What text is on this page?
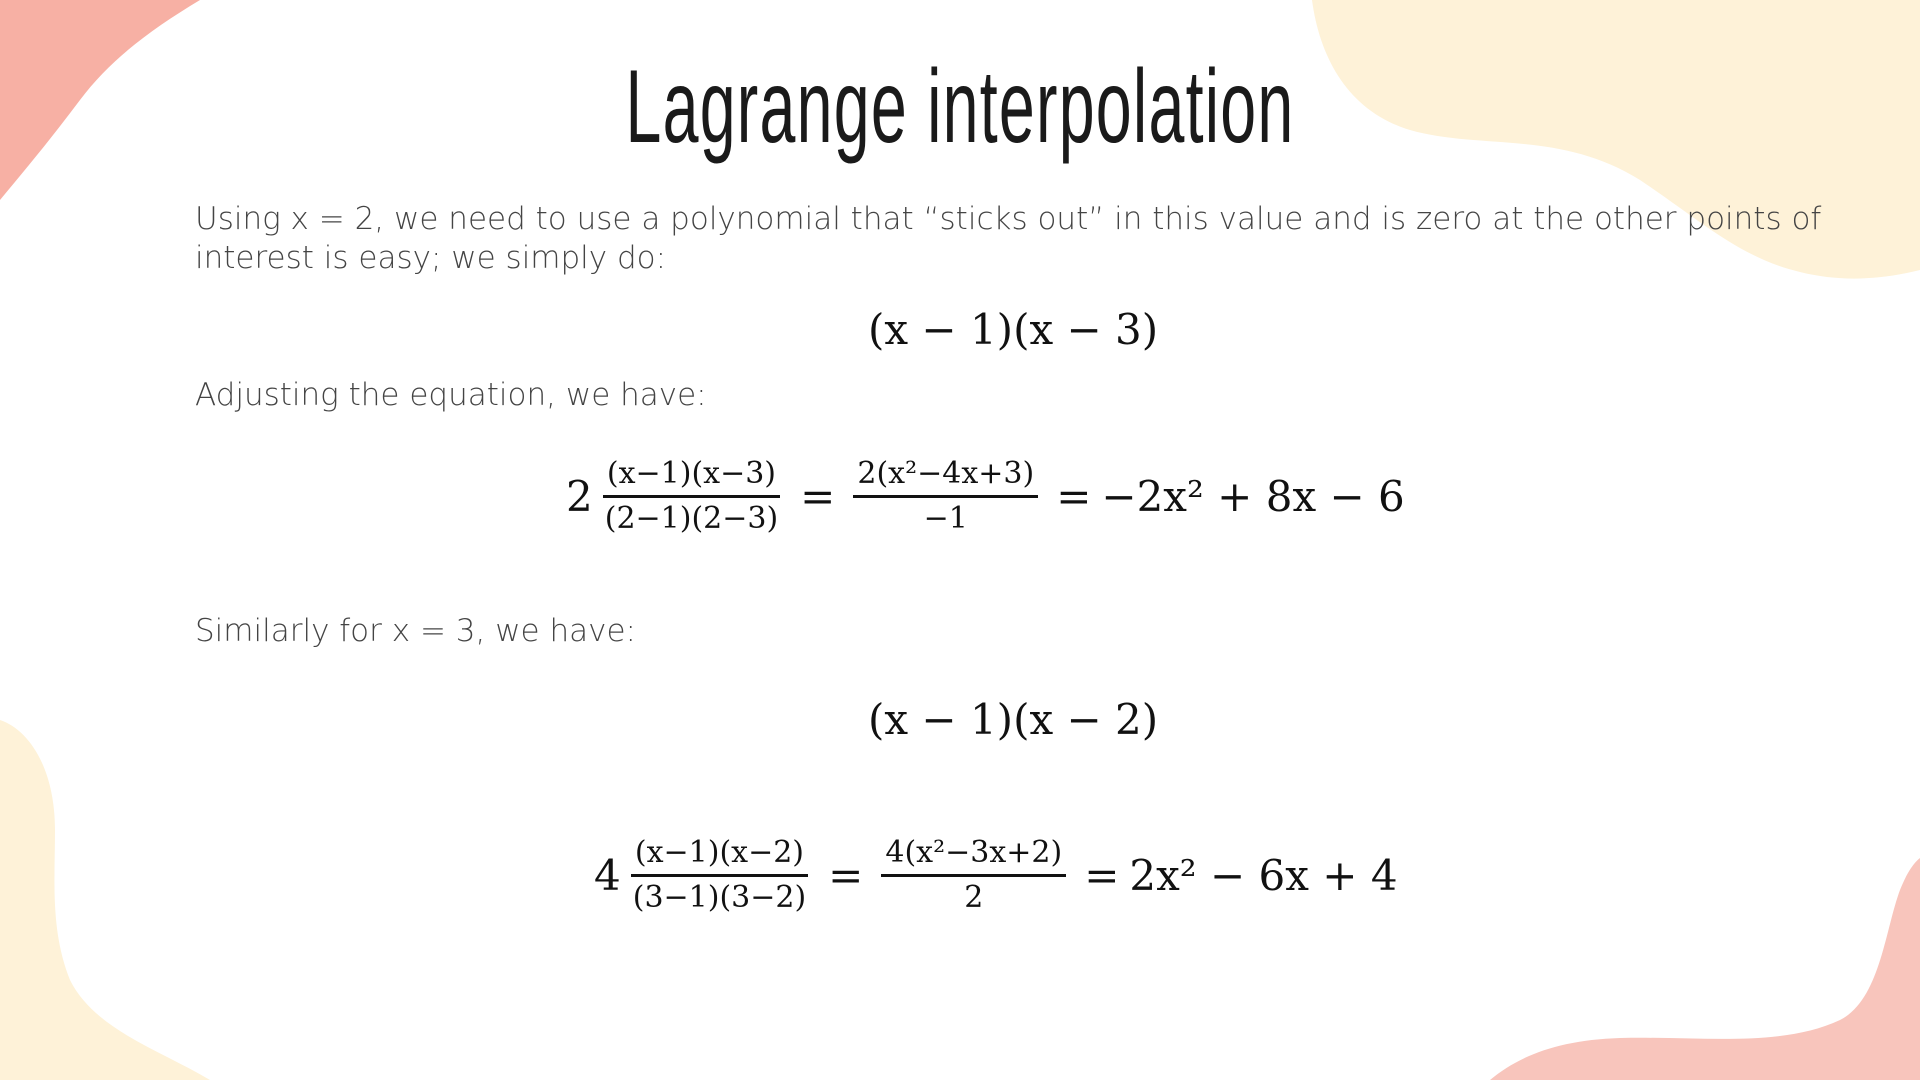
Lagrange interpolation
Using x = 2, we need to use a polynomial that “sticks out” in this value and is zero at the other points of
interest is easy; we simply do:
(x − 1)(x − 3)
Adjusting the equation, we have:
$2 \frac{(x-1)(x-3)}{(2-1)(2-3)} = \frac{\text{2(x²−4x+3)}}{-1} = -2x^2 + 8x - 6$
Similarly for x = 3, we have:
(x − 1)(x − 2)
$4 \frac{(x-1)(x-2)}{(3-1)(3-2)} = \frac{\text{4(x²−3x+2)}}{2} = 2x^2 - 6x + 4$
